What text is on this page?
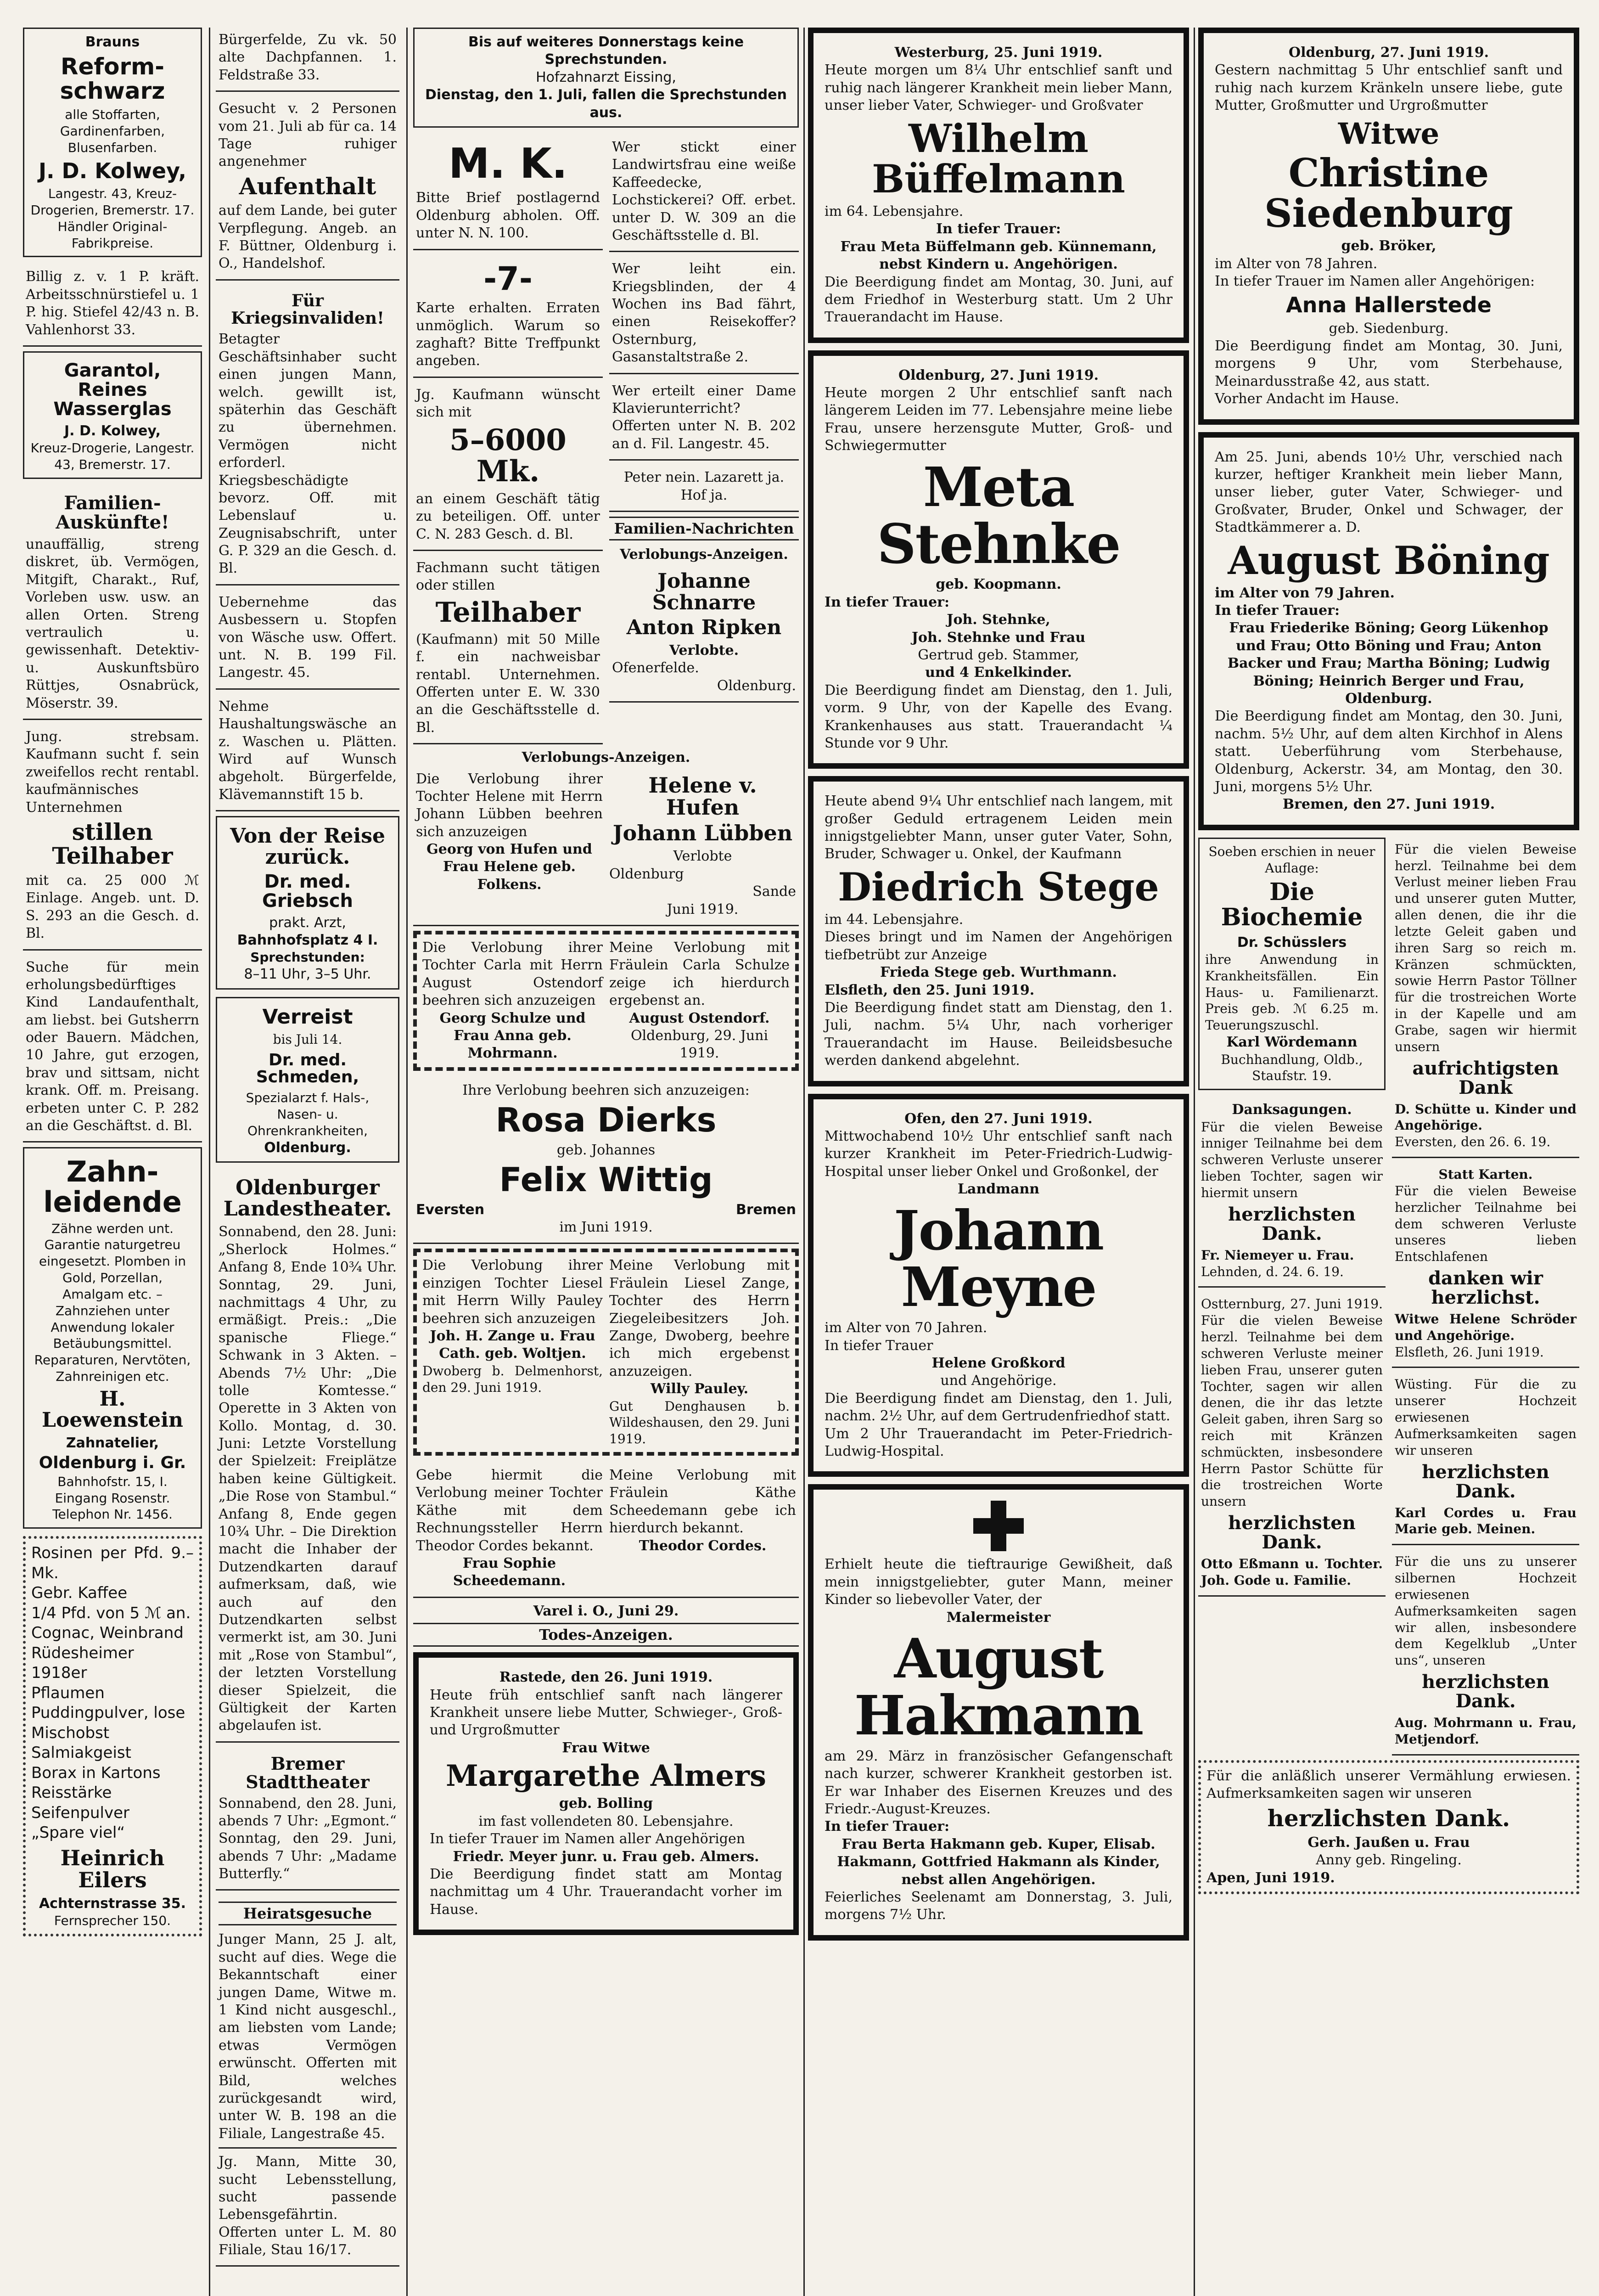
Brauns

Reform-schwarz

alle Stoffarten, Gardinenfarben, Blusenfarben.

J. D. Kolwey,

Langestr. 43, Kreuz-Drogerien, Bremerstr. 17. Händler Original-Fabrikpreise.

Billig z. v. 1 P. kräft. Arbeitsschnürstiefel u. 1 P. hig. Stiefel 42/43 n. B. Vahlenhorst 33.

Garantol, Reines Wasserglas

J. D. Kolwey,

Kreuz-Drogerie, Langestr. 43, Bremerstr. 17.

Familien-Auskünfte!

unauffällig, streng diskret, üb. Vermögen, Mitgift, Charakt., Ruf, Vorleben usw. usw. an allen Orten. Streng vertraulich u. gewissenhaft. Detektiv- u. Auskunftsbüro Rüttjes, Osnabrück, Möserstr. 39.

Jung. strebsam. Kaufmann sucht f. sein zweifellos recht rentabl. kaufmännisches Unternehmen

stillen Teilhaber

mit ca. 25 000 ℳ Einlage. Angeb. unt. D. S. 293 an die Gesch. d. Bl.

Suche für mein erholungsbedürftiges Kind Landaufenthalt, am liebst. bei Gutsherrn oder Bauern. Mädchen, 10 Jahre, gut erzogen, brav und sittsam, nicht krank. Off. m. Preisang. erbeten unter C. P. 282 an die Geschäftst. d. Bl.

Zahn-leidende

Zähne werden unt. Garantie naturgetreu eingesetzt. Plomben in Gold, Porzellan, Amalgam etc. – Zahnziehen unter Anwendung lokaler Betäubungsmittel. Reparaturen, Nervtöten, Zahnreinigen etc.

H. Loewenstein

Zahnatelier,

Oldenburg i. Gr.

Bahnhofstr. 15, I. Eingang Rosenstr.

Telephon Nr. 1456.

Rosinen per Pfd. 9.– Mk.

Gebr. Kaffee

1/4 Pfd. von 5 ℳ an.

Cognac, Weinbrand

Rüdesheimer 1918er

Pflaumen

Puddingpulver, lose

Mischobst

Salmiakgeist

Borax in Kartons

Reisstärke

Seifenpulver

„Spare viel“

Heinrich Eilers

Achternstrasse 35.

Fernsprecher 150.

Bürgerfelde, Zu vk. 50 alte Dachpfannen. 1. Feldstraße 33.

Gesucht v. 2 Personen vom 21. Juli ab für ca. 14 Tage ruhiger angenehmer

Aufenthalt

auf dem Lande, bei guter Verpflegung. Angeb. an F. Büttner, Oldenburg i. O., Handelshof.

Für Kriegsinvaliden!

Betagter Geschäftsinhaber sucht einen jungen Mann, welch. gewillt ist, späterhin das Geschäft zu übernehmen. Vermögen nicht erforderl. Kriegsbeschädigte bevorz. Off. mit Lebenslauf u. Zeugnisabschrift, unter G. P. 329 an die Gesch. d. Bl.

Uebernehme das Ausbessern u. Stopfen von Wäsche usw. Offert. unt. N. B. 199 Fil. Langestr. 45.

Nehme Haushaltungswäsche an z. Waschen u. Plätten. Wird auf Wunsch abgeholt. Bürgerfelde, Klävemannstift 15 b.

Von der Reise zurück.
Dr. med. Griebsch

prakt. Arzt,

Bahnhofsplatz 4 I.

Sprechstunden:

8–11 Uhr, 3–5 Uhr.

Verreist

bis Juli 14.

Dr. med. Schmeden,

Spezialarzt f. Hals-, Nasen- u. Ohrenkrankheiten,

Oldenburg.

Oldenburger Landestheater.

Sonnabend, den 28. Juni: „Sherlock Holmes.“ Anfang 8, Ende 10¾ Uhr. Sonntag, 29. Juni, nachmittags 4 Uhr, zu ermäßigt. Preis.: „Die spanische Fliege.“ Schwank in 3 Akten. – Abends 7½ Uhr: „Die tolle Komtesse.“ Operette in 3 Akten von Kollo. Montag, d. 30. Juni: Letzte Vorstellung der Spielzeit: Freiplätze haben keine Gültigkeit. „Die Rose von Stambul.“ Anfang 8, Ende gegen 10¾ Uhr. – Die Direktion macht die Inhaber der Dutzendkarten darauf aufmerksam, daß, wie auch auf den Dutzendkarten selbst vermerkt ist, am 30. Juni mit „Rose von Stambul“, der letzten Vorstellung dieser Spielzeit, die Gültigkeit der Karten abgelaufen ist.

Bremer Stadttheater

Sonnabend, den 28. Juni, abends 7 Uhr: „Egmont.“ Sonntag, den 29. Juni, abends 7 Uhr: „Madame Butterfly.“

Heiratsgesuche

Junger Mann, 25 J. alt, sucht auf dies. Wege die Bekanntschaft einer jungen Dame, Witwe m. 1 Kind nicht ausgeschl., am liebsten vom Lande; etwas Vermögen erwünscht. Offerten mit Bild, welches zurückgesandt wird, unter W. B. 198 an die Filiale, Langestraße 45.

Jg. Mann, Mitte 30, sucht Lebensstellung, sucht passende Lebensgefährtin. Offerten unter L. M. 80 Filiale, Stau 16/17.

Bis auf weiteres Donnerstags keine Sprechstunden.

Hofzahnarzt Eissing,

Dienstag, den 1. Juli, fallen die Sprechstunden aus.

M. K.

Bitte Brief postlagernd Oldenburg abholen. Off. unter N. N. 100.

-7-

Karte erhalten. Erraten unmöglich. Warum so zaghaft? Bitte Treffpunkt angeben.

Jg. Kaufmann wünscht sich mit

5–6000 Mk.

an einem Geschäft tätig zu beteiligen. Off. unter C. N. 283 Gesch. d. Bl.

Fachmann sucht tätigen oder stillen

Teilhaber

(Kaufmann) mit 50 Mille f. ein nachweisbar rentabl. Unternehmen. Offerten unter E. W. 330 an die Geschäftsstelle d. Bl.

Wer stickt einer Landwirtsfrau eine weiße Kaffeedecke, Lochstickerei? Off. erbet. unter D. W. 309 an die Geschäftsstelle d. Bl.

Wer leiht ein. Kriegsblinden, der 4 Wochen ins Bad fährt, einen Reisekoffer? Osternburg, Gasanstaltstraße 2.

Wer erteilt einer Dame Klavierunterricht? Offerten unter N. B. 202 an d. Fil. Langestr. 45.

Peter nein. Lazarett ja. Hof ja.

Familien-Nachrichten

Verlobungs-Anzeigen.

Johanne Schnarre
Anton Ripken

Verlobte.

Ofenerfelde.

Oldenburg.

Verlobungs-Anzeigen.

Die Verlobung ihrer Tochter Helene mit Herrn Johann Lübben beehren sich anzuzeigen

Georg von Hufen und Frau Helene geb. Folkens.

Helene v. Hufen
Johann Lübben

Verlobte

Oldenburg

Sande

Juni 1919.

Die Verlobung ihrer Tochter Carla mit Herrn August Ostendorf beehren sich anzuzeigen

Georg Schulze und Frau Anna geb. Mohrmann.

Meine Verlobung mit Fräulein Carla Schulze zeige ich hierdurch ergebenst an.

August Ostendorf.

Oldenburg, 29. Juni 1919.

Ihre Verlobung beehren sich anzuzeigen:

Rosa Dierks

geb. Johannes

Felix Wittig

Eversten	Bremen

im Juni 1919.

Die Verlobung ihrer einzigen Tochter Liesel mit Herrn Willy Pauley beehren sich anzuzeigen

Joh. H. Zange u. Frau Cath. geb. Woltjen.

Dwoberg b. Delmenhorst, den 29. Juni 1919.

Meine Verlobung mit Fräulein Liesel Zange, Tochter des Herrn Ziegeleibesitzers Joh. Zange, Dwoberg, beehre ich mich ergebenst anzuzeigen.

Willy Pauley.

Gut Denghausen b. Wildeshausen, den 29. Juni 1919.

Gebe hiermit die Verlobung meiner Tochter Käthe mit dem Rechnungssteller Herrn Theodor Cordes bekannt.

Frau Sophie Scheedemann.

Meine Verlobung mit Fräulein Käthe Scheedemann gebe ich hierdurch bekannt.

Theodor Cordes.

Varel i. O., Juni 29.

Todes-Anzeigen.

Rastede, den 26. Juni 1919.

Heute früh entschlief sanft nach längerer Krankheit unsere liebe Mutter, Schwieger-, Groß- und Urgroßmutter

Frau Witwe

Margarethe Almers

geb. Bolling

im fast vollendeten 80. Lebensjahre.

In tiefer Trauer im Namen aller Angehörigen

Friedr. Meyer junr. u. Frau geb. Almers.

Die Beerdigung findet statt am Montag nachmittag um 4 Uhr. Trauerandacht vorher im Hause.

Westerburg, 25. Juni 1919.

Heute morgen um 8¼ Uhr entschlief sanft und ruhig nach längerer Krankheit mein lieber Mann, unser lieber Vater, Schwieger- und Großvater

Wilhelm Büffelmann

im 64. Lebensjahre.

In tiefer Trauer:

Frau Meta Büffelmann geb. Künnemann,

nebst Kindern u. Angehörigen.

Die Beerdigung findet am Montag, 30. Juni, auf dem Friedhof in Westerburg statt. Um 2 Uhr Trauerandacht im Hause.

Oldenburg, 27. Juni 1919.

Heute morgen 2 Uhr entschlief sanft nach längerem Leiden im 77. Lebensjahre meine liebe Frau, unsere herzensgute Mutter, Groß- und Schwiegermutter

Meta Stehnke

geb. Koopmann.

In tiefer Trauer:

Joh. Stehnke,

Joh. Stehnke und Frau

Gertrud geb. Stammer,

und 4 Enkelkinder.

Die Beerdigung findet am Dienstag, den 1. Juli, vorm. 9 Uhr, von der Kapelle des Evang. Krankenhauses aus statt. Trauerandacht ¼ Stunde vor 9 Uhr.

Heute abend 9¼ Uhr entschlief nach langem, mit großer Geduld ertragenem Leiden mein innigstgeliebter Mann, unser guter Vater, Sohn, Bruder, Schwager u. Onkel, der Kaufmann

Diedrich Stege

im 44. Lebensjahre.

Dieses bringt und im Namen der Angehörigen tiefbetrübt zur Anzeige

Frieda Stege geb. Wurthmann.

Elsfleth, den 25. Juni 1919.

Die Beerdigung findet statt am Dienstag, den 1. Juli, nachm. 5¼ Uhr, nach vorheriger Trauerandacht im Hause. Beileidsbesuche werden dankend abgelehnt.

Ofen, den 27. Juni 1919.

Mittwochabend 10½ Uhr entschlief sanft nach kurzer Krankheit im Peter-Friedrich-Ludwig-Hospital unser lieber Onkel und Großonkel, der

Landmann

Johann Meyne

im Alter von 70 Jahren.

In tiefer Trauer

Helene Großkord

und Angehörige.

Die Beerdigung findet am Dienstag, den 1. Juli, nachm. 2½ Uhr, auf dem Gertrudenfriedhof statt.

Um 2 Uhr Trauerandacht im Peter-Friedrich-Ludwig-Hospital.

Erhielt heute die tieftraurige Gewißheit, daß mein innigstgeliebter, guter Mann, meiner Kinder so liebevoller Vater, der

Malermeister

August Hakmann

am 29. März in französischer Gefangenschaft nach kurzer, schwerer Krankheit gestorben ist. Er war Inhaber des Eisernen Kreuzes und des Friedr.-August-Kreuzes.

In tiefer Trauer:

Frau Berta Hakmann geb. Kuper, Elisab. Hakmann, Gottfried Hakmann als Kinder, nebst allen Angehörigen.

Feierliches Seelenamt am Donnerstag, 3. Juli, morgens 7½ Uhr.

Oldenburg, 27. Juni 1919.

Gestern nachmittag 5 Uhr entschlief sanft und ruhig nach kurzem Kränkeln unsere liebe, gute Mutter, Großmutter und Urgroßmutter

Witwe
Christine Siedenburg

geb. Bröker,

im Alter von 78 Jahren.

In tiefer Trauer im Namen aller Angehörigen:

Anna Hallerstede

geb. Siedenburg.

Die Beerdigung findet am Montag, 30. Juni, morgens 9 Uhr, vom Sterbehause, Meinardusstraße 42, aus statt.

Vorher Andacht im Hause.

Am 25. Juni, abends 10½ Uhr, verschied nach kurzer, heftiger Krankheit mein lieber Mann, unser lieber, guter Vater, Schwieger- und Großvater, Bruder, Onkel und Schwager, der Stadtkämmerer a. D.

August Böning

im Alter von 79 Jahren.

In tiefer Trauer:

Frau Friederike Böning; Georg Lükenhop und Frau; Otto Böning und Frau; Anton Backer und Frau; Martha Böning; Ludwig Böning; Heinrich Berger und Frau, Oldenburg.

Die Beerdigung findet am Montag, den 30. Juni, nachm. 5½ Uhr, auf dem alten Kirchhof in Alens statt. Ueberführung vom Sterbehause, Oldenburg, Ackerstr. 34, am Montag, den 30. Juni, morgens 5½ Uhr.

Bremen, den 27. Juni 1919.

Soeben erschien in neuer Auflage:

Die Biochemie

Dr. Schüsslers

ihre Anwendung in Krankheitsfällen. Ein Haus- u. Familienarzt. Preis geb. ℳ 6.25 m. Teuerungszuschl.

Karl Wördemann

Buchhandlung, Oldb., Staufstr. 19.

Danksagungen.

Für die vielen Beweise inniger Teilnahme bei dem schweren Verluste unserer lieben Tochter, sagen wir hiermit unsern

herzlichsten Dank.

Fr. Niemeyer u. Frau.

Lehnden, d. 24. 6. 19.

Ostternburg, 27. Juni 1919. Für die vielen Beweise herzl. Teilnahme bei dem schweren Verluste meiner lieben Frau, unserer guten Tochter, sagen wir allen denen, die ihr das letzte Geleit gaben, ihren Sarg so reich mit Kränzen schmückten, insbesondere Herrn Pastor Schütte für die trostreichen Worte unsern

herzlichsten Dank.

Otto Eßmann u. Tochter. Joh. Gode u. Familie.

Für die vielen Beweise herzl. Teilnahme bei dem Verlust meiner lieben Frau und unserer guten Mutter, allen denen, die ihr die letzte Geleit gaben und ihren Sarg so reich m. Kränzen schmückten, sowie Herrn Pastor Töllner für die trostreichen Worte in der Kapelle und am Grabe, sagen wir hiermit unsern

aufrichtigsten Dank

D. Schütte u. Kinder und Angehörige.

Eversten, den 26. 6. 19.

Statt Karten.

Für die vielen Beweise herzlicher Teilnahme bei dem schweren Verluste unseres lieben Entschlafenen

danken wir herzlichst.

Witwe Helene Schröder und Angehörige.

Elsfleth, 26. Juni 1919.

Wüsting. Für die zu unserer Hochzeit erwiesenen Aufmerksamkeiten sagen wir unseren

herzlichsten Dank.

Karl Cordes u. Frau Marie geb. Meinen.

Für die uns zu unserer silbernen Hochzeit erwiesenen Aufmerksamkeiten sagen wir allen, insbesondere dem Kegelklub „Unter uns“, unseren

herzlichsten Dank.

Aug. Mohrmann u. Frau, Metjendorf.

Für die anläßlich unserer Vermählung erwiesen. Aufmerksamkeiten sagen wir unseren

herzlichsten Dank.

Gerh. Jaußen u. Frau

Anny geb. Ringeling.

Apen, Juni 1919.
